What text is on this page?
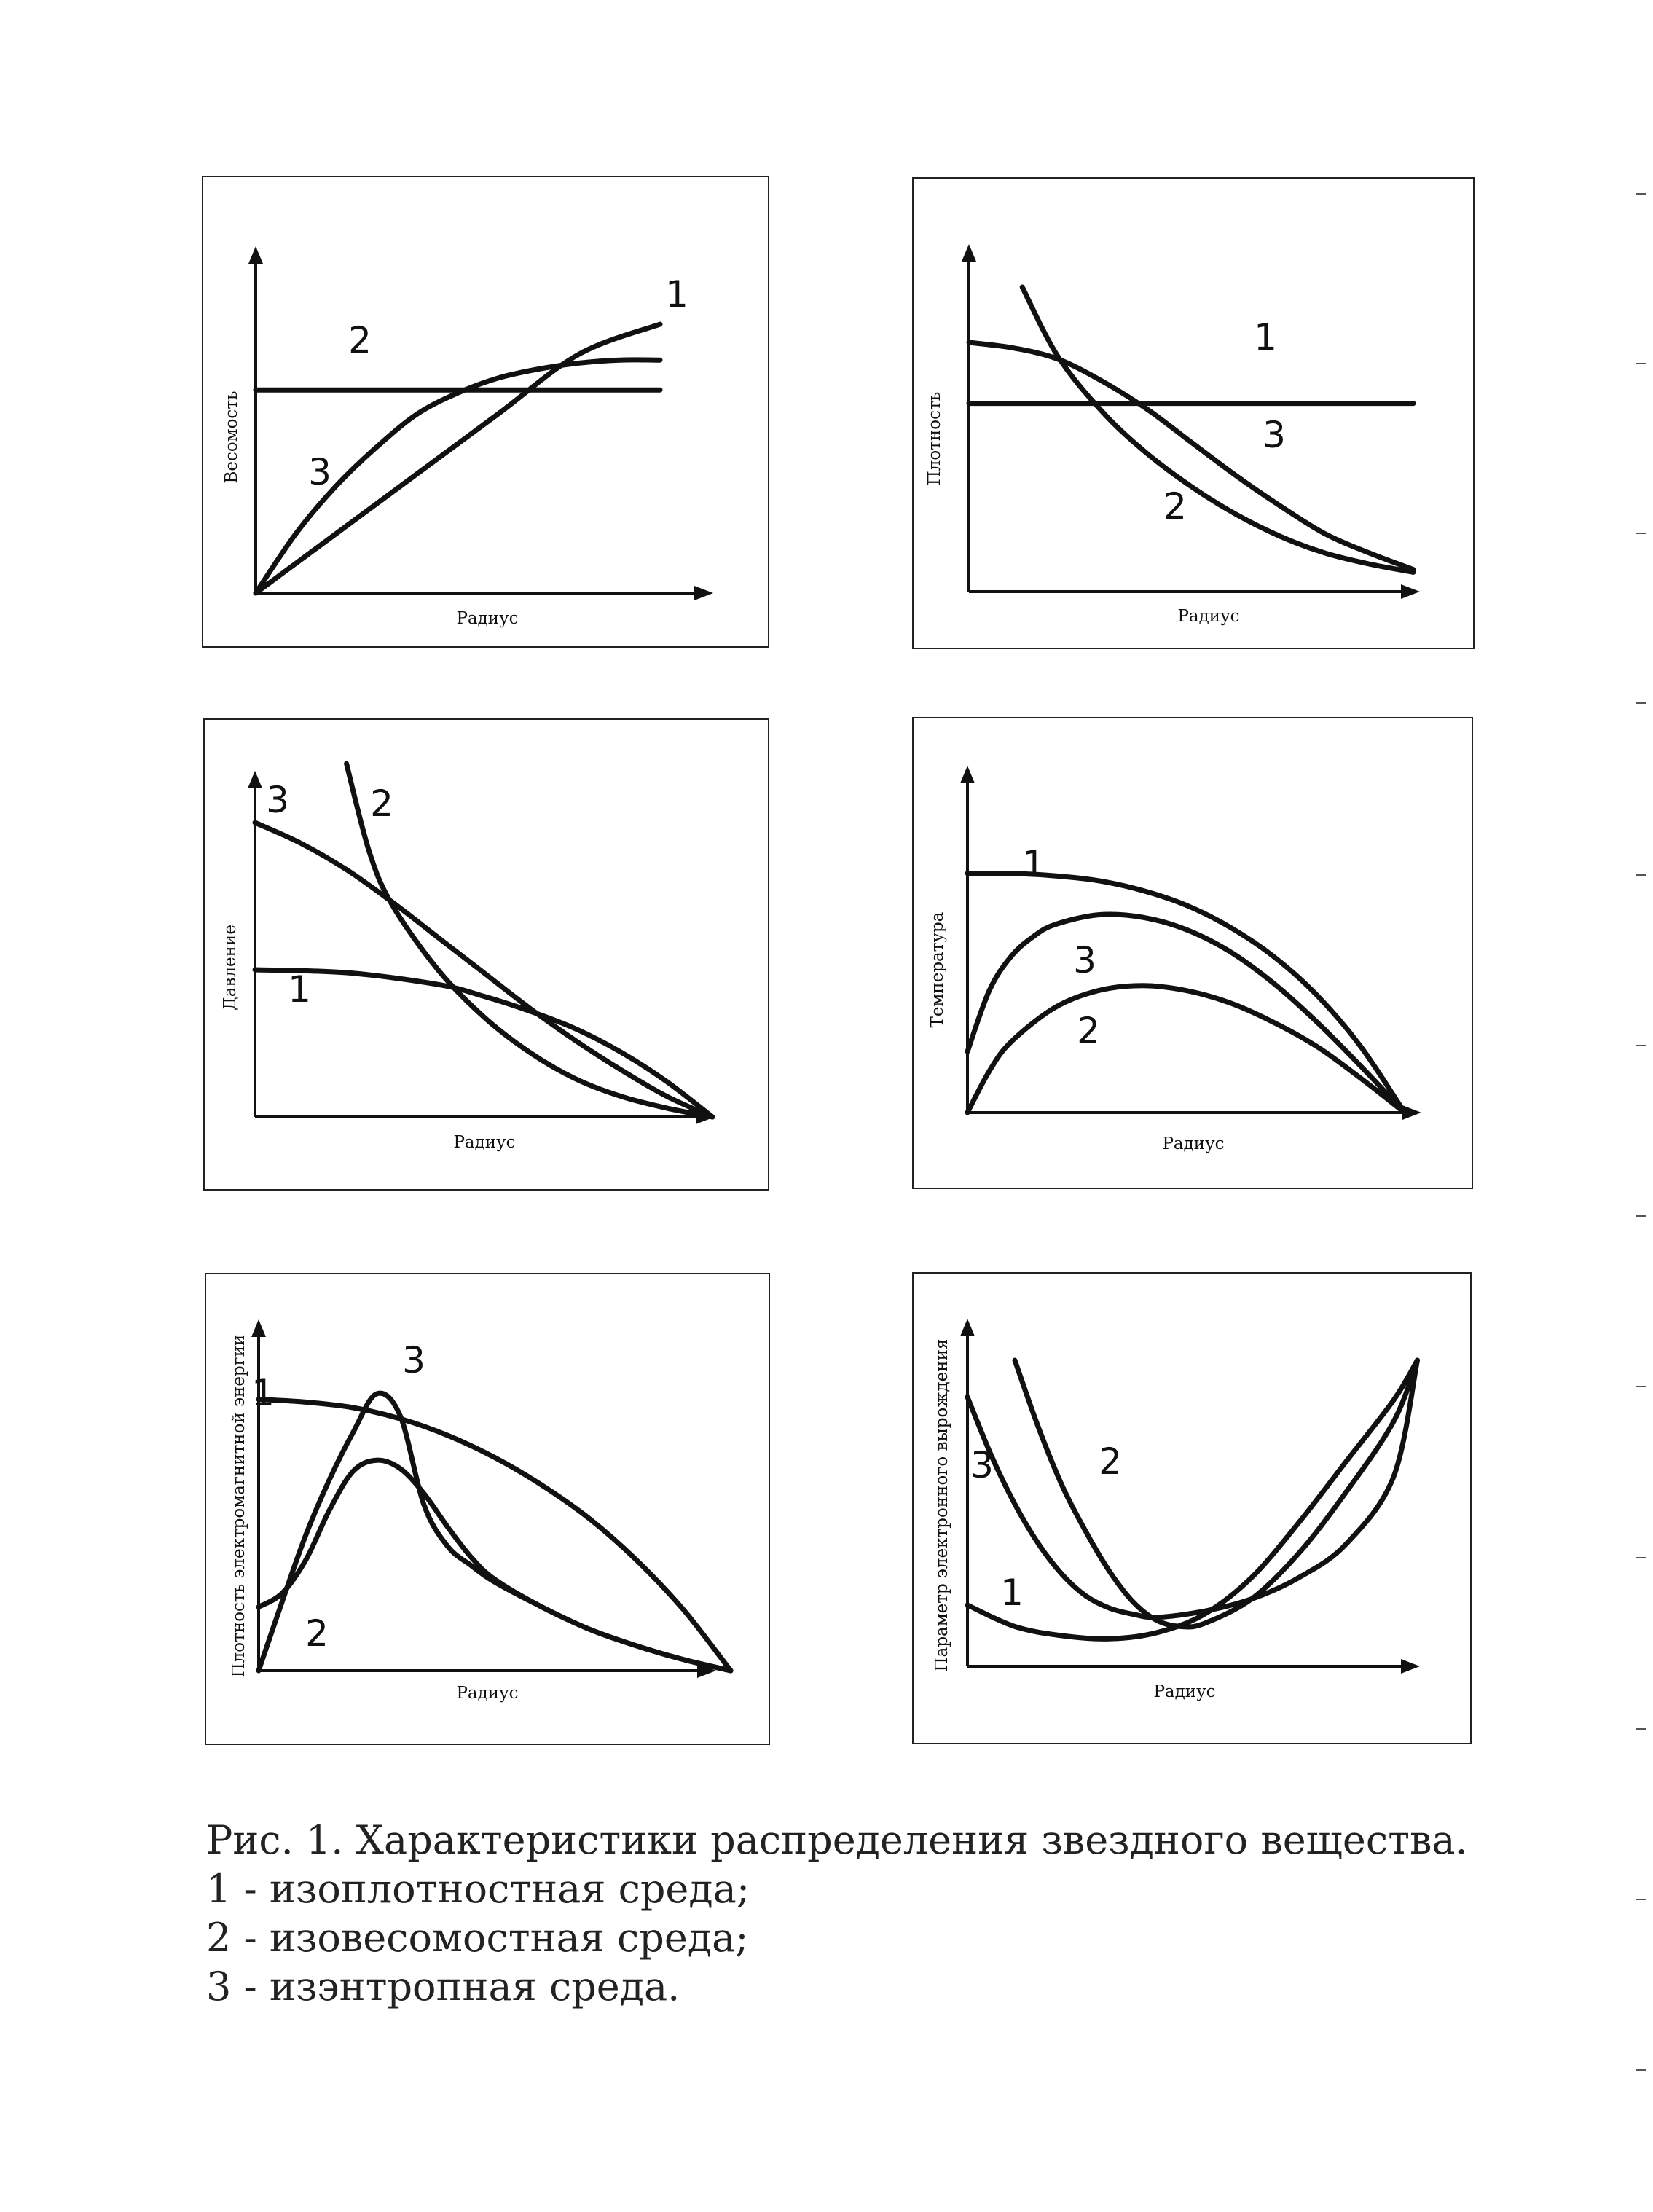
1
2
3
Радиус
Весомость
1
2
3
Радиус
Плотность
1
2
3
Радиус
Давление
1
2
3
Радиус
Температура
1
2
3
Радиус
Плотность электромагнитной энергии	1
2
3
Радиус
Параметр электронного вырождения
Рис. 1. Характеристики распределения звездного вещества.
1 - изоплотностная среда;
2 - изовесомостная среда;
3 - изэнтропная среда.
